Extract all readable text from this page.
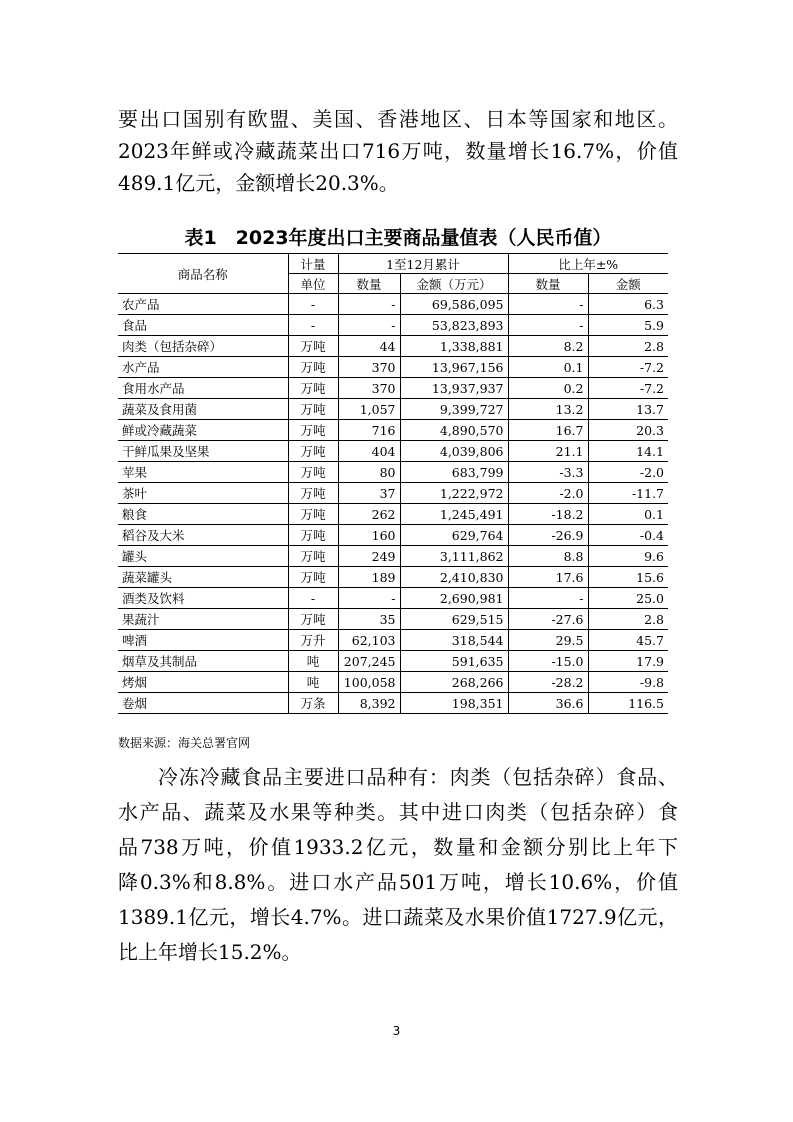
要出口国别有欧盟、美国、香港地区、日本等国家和地区。
2023年鲜或冷藏蔬菜出口716万吨，数量增长16.7%，价值
489.1亿元，金额增长20.3%。
表1　2023年度出口主要商品量值表（人民币值）
商品名称	计量	1至12月累计		比上年±%	
	单位	数量	金额（万元）	数量	金额
农产品	-	-	69,586,095	-	6.3
食品	-	-	53,823,893	-	5.9
肉类（包括杂碎）	万吨	44	1,338,881	8.2	2.8
水产品	万吨	370	13,967,156	0.1	-7.2
食用水产品	万吨	370	13,937,937	0.2	-7.2
蔬菜及食用菌	万吨	1,057	9,399,727	13.2	13.7
鲜或冷藏蔬菜	万吨	716	4,890,570	16.7	20.3
干鲜瓜果及坚果	万吨	404	4,039,806	21.1	14.1
苹果	万吨	80	683,799	-3.3	-2.0
茶叶	万吨	37	1,222,972	-2.0	-11.7
粮食	万吨	262	1,245,491	-18.2	0.1
稻谷及大米	万吨	160	629,764	-26.9	-0.4
罐头	万吨	249	3,111,862	8.8	9.6
蔬菜罐头	万吨	189	2,410,830	17.6	15.6
酒类及饮料	-	-	2,690,981	-	25.0
果蔬汁	万吨	35	629,515	-27.6	2.8
啤酒	万升	62,103	318,544	29.5	45.7
烟草及其制品	吨	207,245	591,635	-15.0	17.9
烤烟	吨	100,058	268,266	-28.2	-9.8
卷烟	万条	8,392	198,351	36.6	116.5
数据来源：海关总署官网
冷冻冷藏食品主要进口品种有：肉类（包括杂碎）食品、
水产品、蔬菜及水果等种类。其中进口肉类（包括杂碎）食
品738万吨，价值1933.2亿元，数量和金额分别比上年下
降0.3%和8.8%。进口水产品501万吨，增长10.6%，价值
1389.1亿元，增长4.7%。进口蔬菜及水果价值1727.9亿元，
比上年增长15.2%。
3
